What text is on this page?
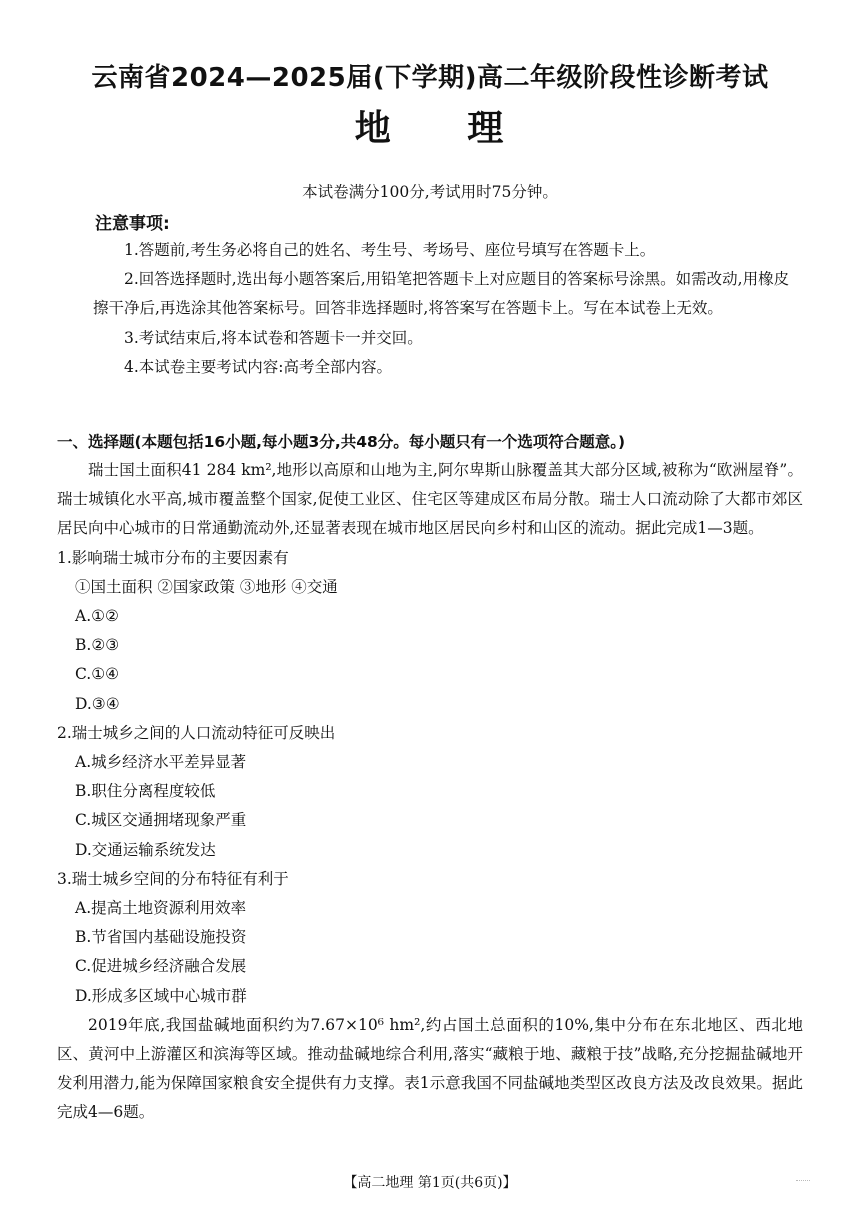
云南省2024—2025届(下学期)高二年级阶段性诊断考试
地 理
本试卷满分100分,考试用时75分钟。
注意事项:

1.答题前,考生务必将自己的姓名、考生号、考场号、座位号填写在答题卡上。

2.回答选择题时,选出每小题答案后,用铅笔把答题卡上对应题目的答案标号涂黑。如需改动,用橡皮擦干净后,再选涂其他答案标号。回答非选择题时,将答案写在答题卡上。写在本试卷上无效。

3.考试结束后,将本试卷和答题卡一并交回。

4.本试卷主要考试内容:高考全部内容。

一、选择题(本题包括16小题,每小题3分,共48分。每小题只有一个选项符合题意。)

瑞士国土面积41 284 km²,地形以高原和山地为主,阿尔卑斯山脉覆盖其大部分区域,被称为“欧洲屋脊”。瑞士城镇化水平高,城市覆盖整个国家,促使工业区、住宅区等建成区布局分散。瑞士人口流动除了大都市郊区居民向中心城市的日常通勤流动外,还显著表现在城市地区居民向乡村和山区的流动。据此完成1—3题。

1.影响瑞士城市分布的主要因素有

①国土面积 ②国家政策 ③地形 ④交通

A.①②

B.②③

C.①④

D.③④

2.瑞士城乡之间的人口流动特征可反映出

A.城乡经济水平差异显著

B.职住分离程度较低

C.城区交通拥堵现象严重

D.交通运输系统发达

3.瑞士城乡空间的分布特征有利于

A.提高土地资源利用效率

B.节省国内基础设施投资

C.促进城乡经济融合发展

D.形成多区域中心城市群

2019年底,我国盐碱地面积约为7.67×10⁶ hm²,约占国土总面积的10%,集中分布在东北地区、西北地区、黄河中上游灌区和滨海等区域。推动盐碱地综合利用,落实“藏粮于地、藏粮于技”战略,充分挖掘盐碱地开发利用潜力,能为保障国家粮食安全提供有力支撑。表1示意我国不同盐碱地类型区改良方法及改良效果。据此完成4—6题。

【高二地理 第1页(共6页)】
